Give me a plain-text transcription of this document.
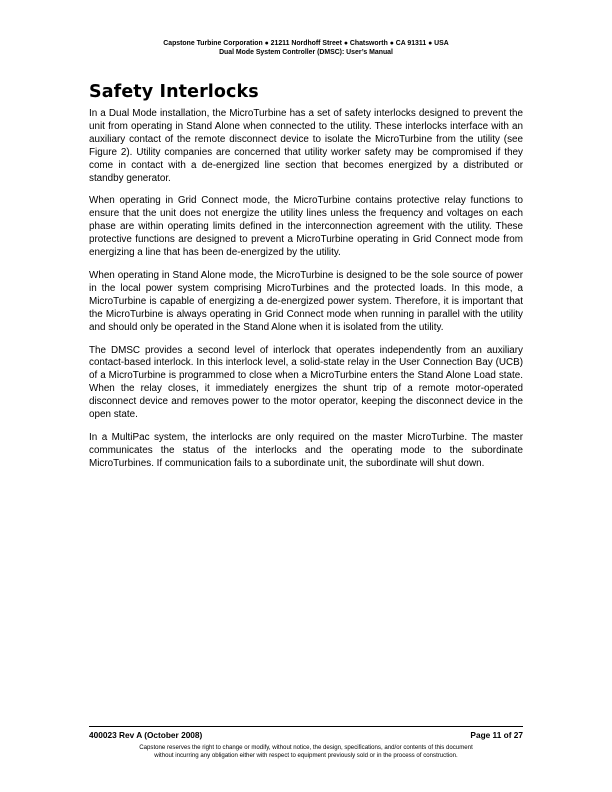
Capstone Turbine Corporation ● 21211 Nordhoff Street ● Chatsworth ● CA 91311 ● USA
Dual Mode System Controller (DMSC): User’s Manual
Safety Interlocks

In a Dual Mode installation, the MicroTurbine has a set of safety interlocks designed to prevent the unit from operating in Stand Alone when connected to the utility. These interlocks interface with an auxiliary contact of the remote disconnect device to isolate the MicroTurbine from the utility (see Figure 2). Utility companies are concerned that utility worker safety may be compromised if they come in contact with a de-energized line section that becomes energized by a distributed or standby generator.

When operating in Grid Connect mode, the MicroTurbine contains protective relay functions to ensure that the unit does not energize the utility lines unless the frequency and voltages on each phase are within operating limits defined in the interconnection agreement with the utility. These protective functions are designed to prevent a MicroTurbine operating in Grid Connect mode from energizing a line that has been de-energized by the utility.

When operating in Stand Alone mode, the MicroTurbine is designed to be the sole source of power in the local power system comprising MicroTurbines and the protected loads. In this mode, a MicroTurbine is capable of energizing a de-energized power system. Therefore, it is important that the MicroTurbine is always operating in Grid Connect mode when running in parallel with the utility and should only be operated in the Stand Alone when it is isolated from the utility.

The DMSC provides a second level of interlock that operates independently from an auxiliary contact-based interlock. In this interlock level, a solid-state relay in the User Connection Bay (UCB) of a MicroTurbine is programmed to close when a MicroTurbine enters the Stand Alone Load state. When the relay closes, it immediately energizes the shunt trip of a remote motor-operated disconnect device and removes power to the motor operator, keeping the disconnect device in the open state.

In a MultiPac system, the interlocks are only required on the master MicroTurbine. The master communicates the status of the interlocks and the operating mode to the subordinate MicroTurbines. If communication fails to a subordinate unit, the subordinate will shut down.

400023 Rev A (October 2008)	Page 11 of 27
Capstone reserves the right to change or modify, without notice, the design, specifications, and/or contents of this document
without incurring any obligation either with respect to equipment previously sold or in the process of construction.
